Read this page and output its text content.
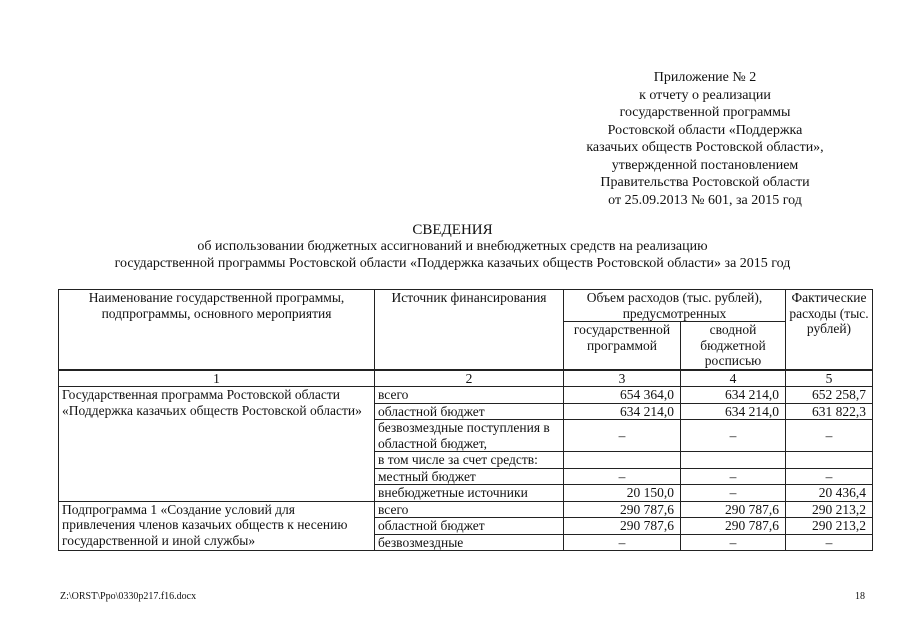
Приложение № 2
к отчету о реализации
государственной программы
Ростовской области «Поддержка
казачьих обществ Ростовской области»,
утвержденной постановлением
Правительства Ростовской области
от 25.09.2013 № 601, за 2015 год
СВЕДЕНИЯ
об использовании бюджетных ассигнований и внебюджетных средств на реализацию
государственной программы Ростовской области «Поддержка казачьих обществ Ростовской области» за 2015 год
Наименование государственной программы, подпрограммы, основного мероприятия	Источник финансирования	Объем расходов (тыс. рублей), предусмотренных		Фактические расходы (тыс. рублей)
		государственной программой	сводной бюджетной росписью	
1	2	3	4	5
Государственная программа Ростовской области «Поддержка казачьих обществ Ростовской области»	всего	654 364,0	634 214,0	652 258,7
	областной бюджет	634 214,0	634 214,0	631 822,3
	безвозмездные поступления в областной бюджет,	–	–	–
	в том числе за счет средств:			
	местный бюджет	–	–	–
	внебюджетные источники	20 150,0	–	20 436,4
Подпрограмма 1 «Создание условий для привлечения членов казачьих обществ к несению государственной и иной службы»	всего	290 787,6	290 787,6	290 213,2
	областной бюджет	290 787,6	290 787,6	290 213,2
	безвозмездные	–	–	–
Z:\ORST\Ppo\0330p217.f16.docx	18
